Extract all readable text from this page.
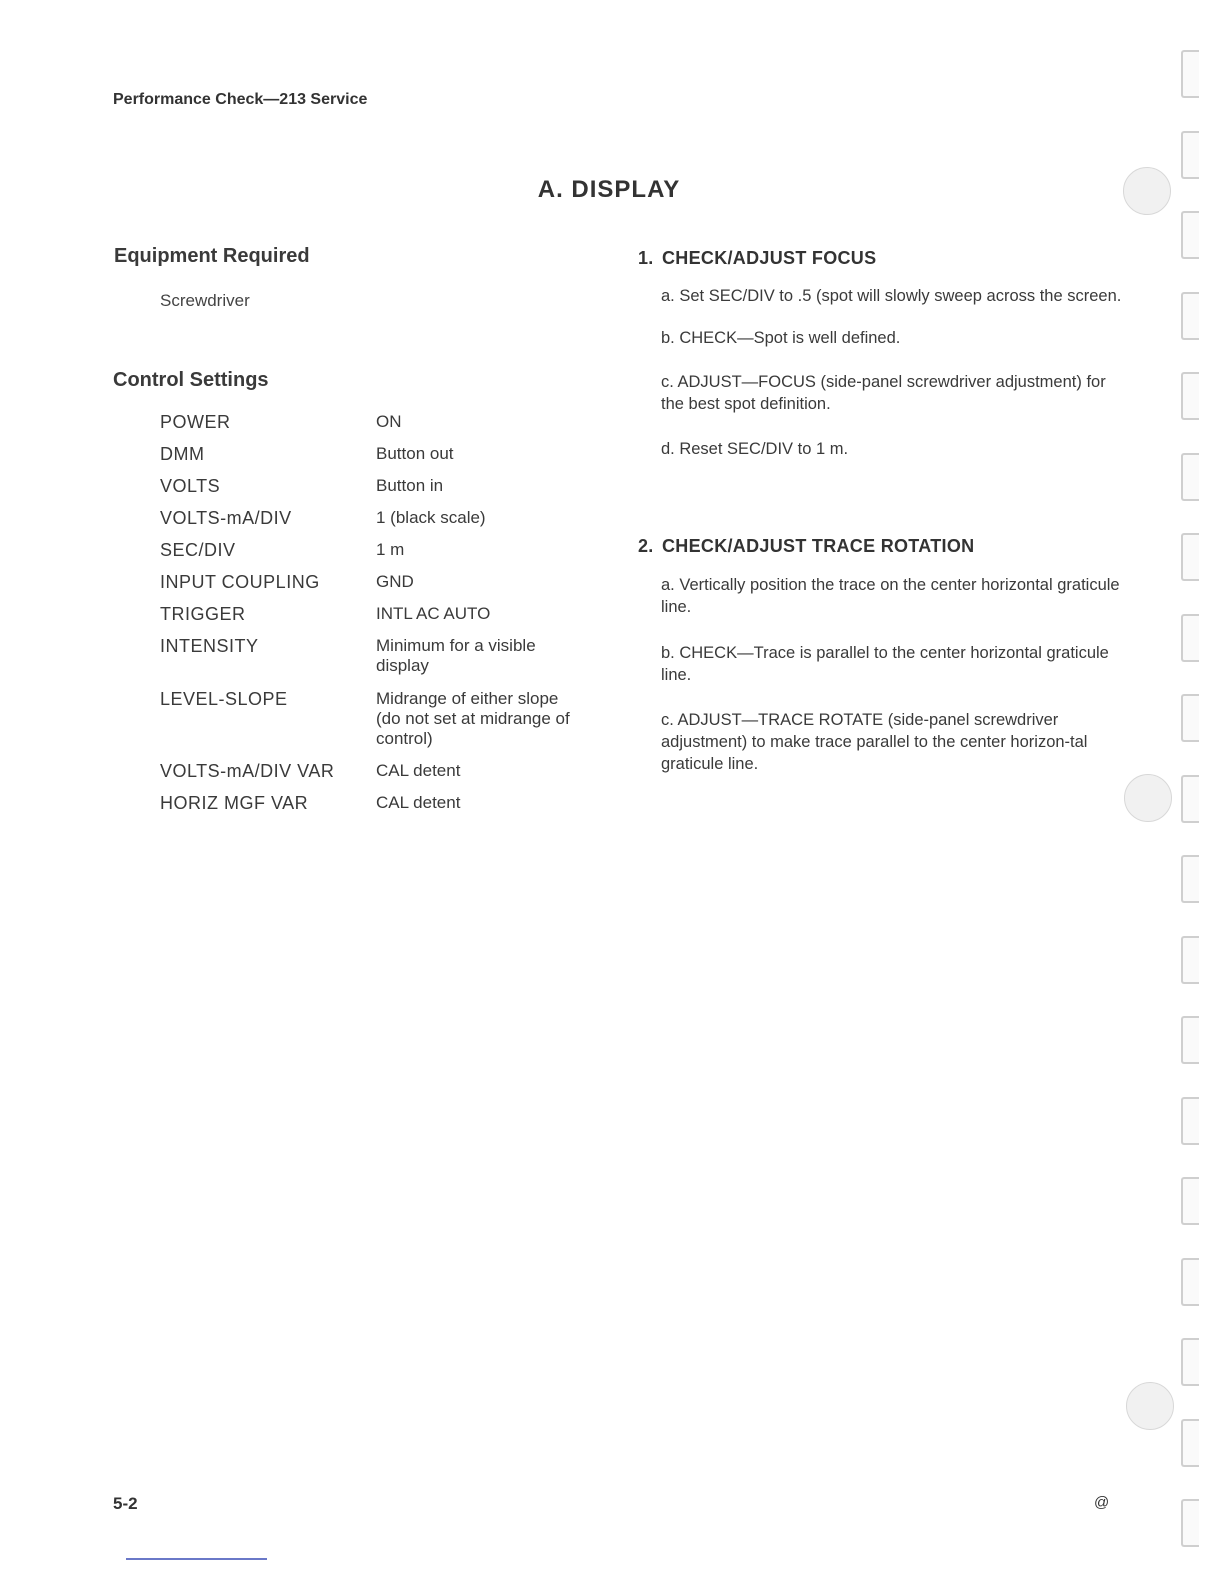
Performance Check—213 Service
A. DISPLAY
Equipment Required
Screwdriver
Control Settings
POWER	ON
DMM	Button out
VOLTS	Button in
VOLTS-mA/DIV	1 (black scale)
SEC/DIV	1 m
INPUT COUPLING	GND
TRIGGER	INTL AC AUTO
INTENSITY	Minimum for a visible display
LEVEL-SLOPE	Midrange of either slope (do not set at midrange of control)
VOLTS-mA/DIV VAR	CAL detent
HORIZ MGF VAR	CAL detent
1. CHECK/ADJUST FOCUS
a. Set SEC/DIV to .5 (spot will slowly sweep across the screen.
b. CHECK—Spot is well defined.
c. ADJUST—FOCUS (side-panel screwdriver adjustment) for the best spot definition.
d. Reset SEC/DIV to 1 m.
2. CHECK/ADJUST TRACE ROTATION
a. Vertically position the trace on the center horizontal graticule line.
b. CHECK—Trace is parallel to the center horizontal graticule line.
c. ADJUST—TRACE ROTATE (side-panel screwdriver adjustment) to make trace parallel to the center horizon-tal graticule line.
5-2	@
